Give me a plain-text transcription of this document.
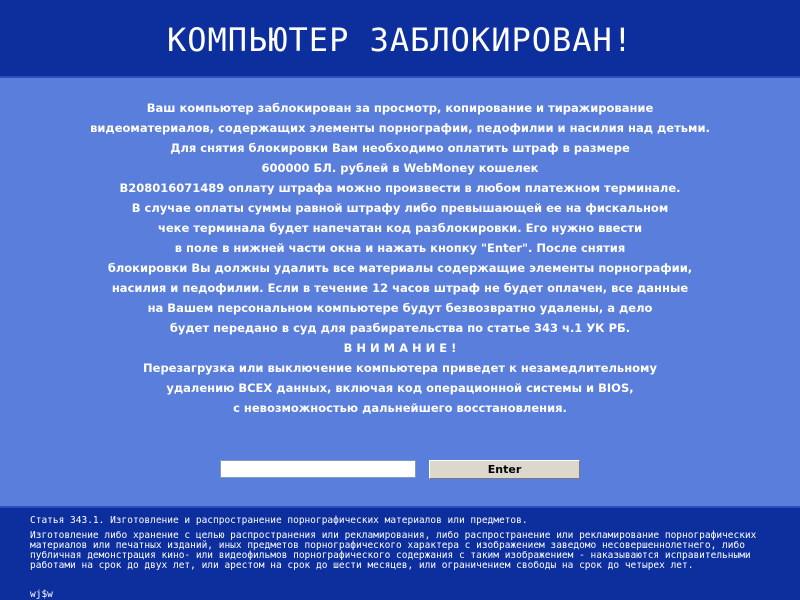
КОМПЬЮТЕР ЗАБЛОКИРОВАН!
Ваш компьютер заблокирован за просмотр, копирование и тиражирование
видеоматериалов, содержащих элементы порнографии, педофилии и насилия над детьми.
Для снятия блокировки Вам необходимо оплатить штраф в размере
600000 БЛ. рублей в WebMoney кошелек
B208016071489 оплату штрафа можно произвести в любом платежном терминале.
В случае оплаты суммы равной штрафу либо превышающей ее на фискальном
чеке терминала будет напечатан код разблокировки. Его нужно ввести
в поле в нижней части окна и нажать кнопку "Enter". После снятия
блокировки Вы должны удалить все материалы содержащие элементы порнографии,
насилия и педофилии. Если в течение 12 часов штраф не будет оплачен, все данные
на Вашем персональном компьютере будут безвозвратно удалены, а дело
будет передано в суд для разбирательства по статье 343 ч.1 УК РБ.
В Н И М А Н И Е !
Перезагрузка или выключение компьютера приведет к незамедлительному
удалению ВСЕХ данных, включая код операционной системы и BIOS,
с невозможностью дальнейшего восстановления.
Enter
Статья 343.1. Изготовление и распространение порнографических материалов или предметов.
Изготовление либо хранение с целью распространения или рекламирования, либо распространение или рекламирование порнографических материалов или печатных изданий, иных предметов порнографического характера с изображением заведомо несовершеннолетнего, либо публичная демонстрация кино- или видеофильмов порнографического содержания с таким изображением - наказываются исправительными работами на срок до двух лет, или арестом на срок до шести месяцев, или ограничением свободы на срок до четырех лет.
wj$w
